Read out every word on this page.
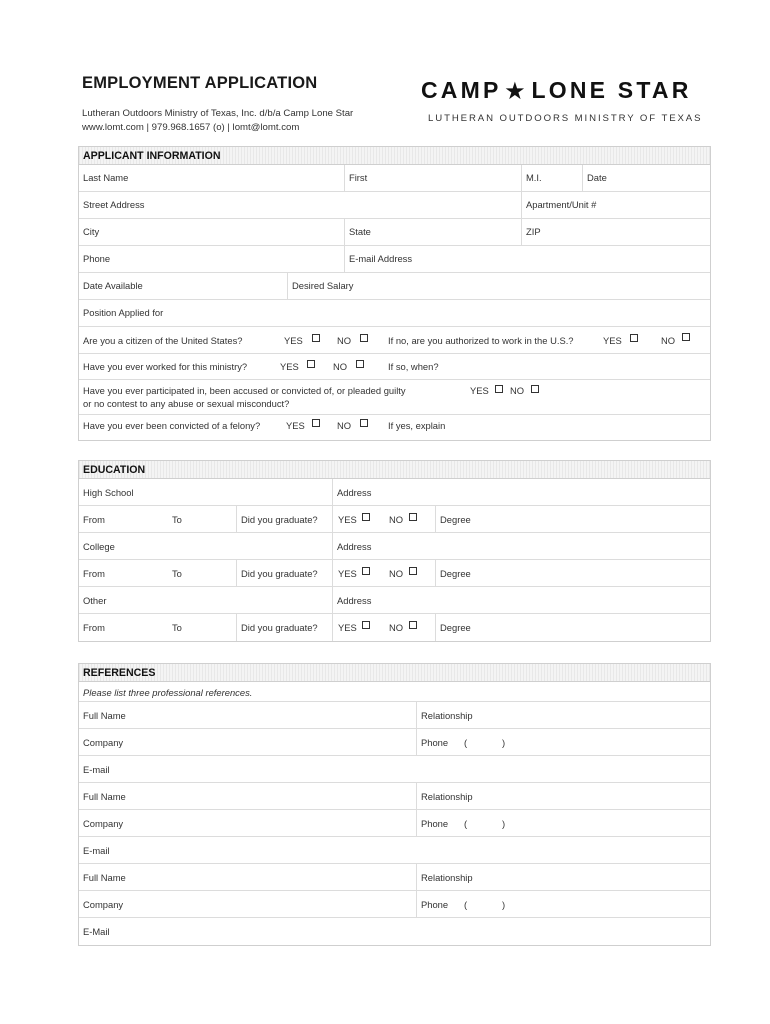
EMPLOYMENT APPLICATION
Lutheran Outdoors Ministry of Texas, Inc. d/b/a Camp Lone Star
www.lomt.com | 979.968.1657 (o) | lomt@lomt.com
CAMP ★ LONE STAR
LUTHERAN OUTDOORS MINISTRY OF TEXAS
APPLICANT INFORMATION
Last Name	First	M.I.	Date
Street Address	Apartment/Unit #
City	State	ZIP
Phone	E-mail Address
Date Available	Desired Salary
Position Applied for
Are you a citizen of the United States?	YES	NO	If no, are you authorized to work in the U.S.?	YES	NO
Have you ever worked for this ministry?	YES	NO	If so, when?
Have you ever participated in, been accused or convicted of, or pleaded guilty
or no contest to any abuse or sexual misconduct?
YES NO
Have you ever been convicted of a felony?	YES	NO	If yes, explain
EDUCATION
High School	Address
From	To	Did you graduate? YES	NO	Degree
College	Address
From	To	Did you graduate? YES	NO	Degree
Other	Address
From	To	Did you graduate? YES	NO	Degree
REFERENCES
Please list three professional references.
Full Name	Relationship
Company	Phone (	)
E-mail
Full Name	Relationship
Company	Phone (	)
E-mail
Full Name	Relationship
Company	Phone (	)
E-Mail
